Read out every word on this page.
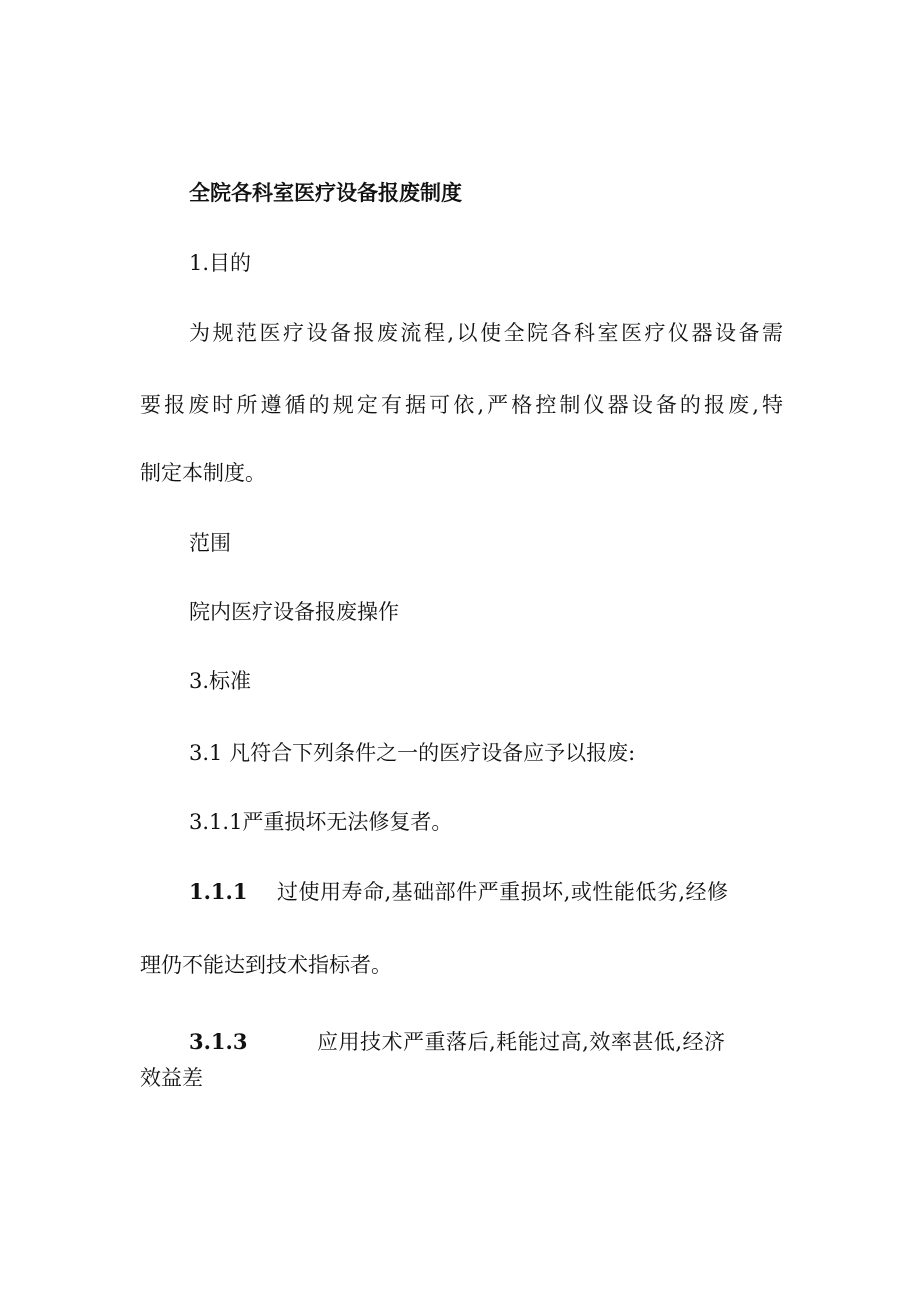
全院各科室医疗设备报废制度
1.目的
为规范医疗设备报废流程,以使全院各科室医疗仪器设备需
要报废时所遵循的规定有据可依,严格控制仪器设备的报废,特
制定本制度。
范围
院内医疗设备报废操作
3.标准
3.1 凡符合下列条件之一的医疗设备应予以报废:
3.1.1严重损坏无法修复者。
1.1.1 过使用寿命,基础部件严重损坏,或性能低劣,经修
理仍不能达到技术指标者。
3.1.3	应用技术严重落后,耗能过高,效率甚低,经济
效益差
